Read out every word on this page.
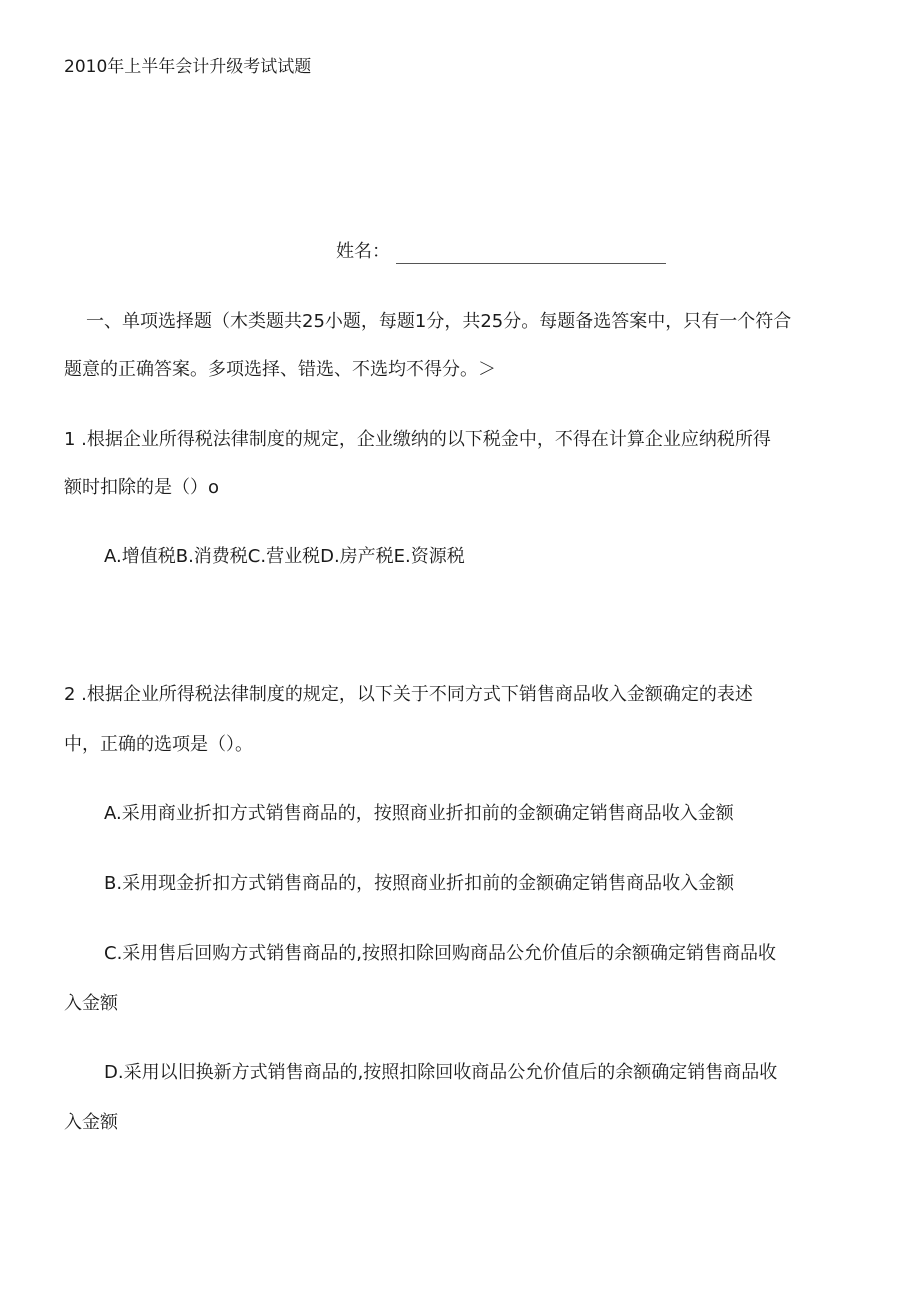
2010年上半年会计升级考试试题
姓名：
一、单项选择题（木类题共25小题，每题1分，共25分。每题备选答案中，只有一个符合
题意的正确答案。多项选择、错选、不选均不得分。＞
1 .根据企业所得税法律制度的规定，企业缴纳的以下税金中，不得在计算企业应纳税所得
额时扣除的是（）o
A.增值税B.消费税C.营业税D.房产税E.资源税
2 .根据企业所得税法律制度的规定，以下关于不同方式下销售商品收入金额确定的表述
中，正确的选项是（）。
A.采用商业折扣方式销售商品的，按照商业折扣前的金额确定销售商品收入金额
B.采用现金折扣方式销售商品的，按照商业折扣前的金额确定销售商品收入金额
C.采用售后回购方式销售商品的,按照扣除回购商品公允价值后的余额确定销售商品收
入金额
D.采用以旧换新方式销售商品的,按照扣除回收商品公允价值后的余额确定销售商品收
入金额
